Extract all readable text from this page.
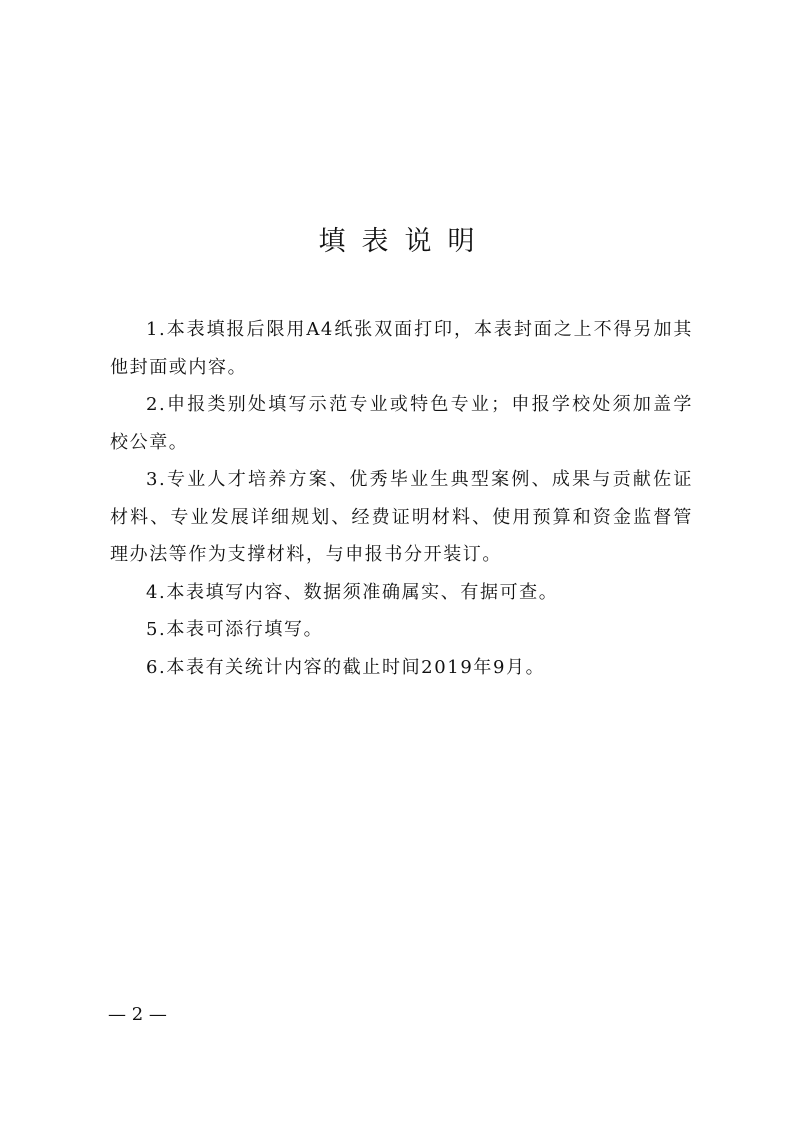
填表说明

1.本表填报后限用A4纸张双面打印，本表封面之上不得另加其他封面或内容。

2.申报类别处填写示范专业或特色专业；申报学校处须加盖学校公章。

3.专业人才培养方案、优秀毕业生典型案例、成果与贡献佐证材料、专业发展详细规划、经费证明材料、使用预算和资金监督管理办法等作为支撑材料，与申报书分开装订。

4.本表填写内容、数据须准确属实、有据可查。

5.本表可添行填写。

6.本表有关统计内容的截止时间2019年9月。

— 2 —
